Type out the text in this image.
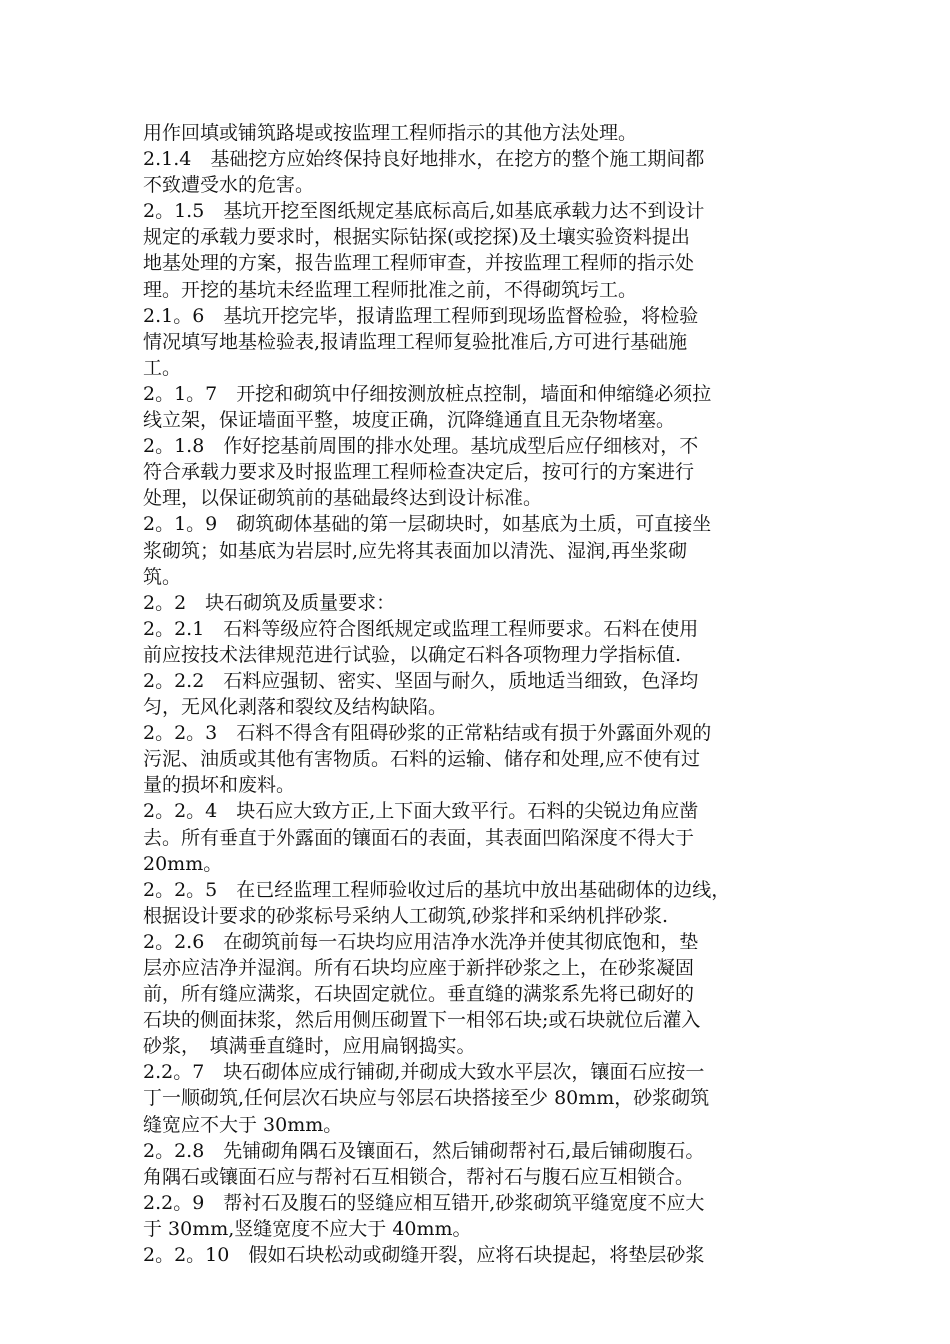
用作回填或铺筑路堤或按监理工程师指示的其他方法处理。
2.1.4　基础挖方应始终保持良好地排水，在挖方的整个施工期间都
不致遭受水的危害。
2。1.5　基坑开挖至图纸规定基底标高后,如基底承载力达不到设计
规定的承载力要求时，根据实际钻探(或挖探)及土壤实验资料提出
地基处理的方案，报告监理工程师审查，并按监理工程师的指示处
理。开挖的基坑未经监理工程师批准之前，不得砌筑圬工。
2.1。6　基坑开挖完毕，报请监理工程师到现场监督检验，将检验
情况填写地基检验表,报请监理工程师复验批准后,方可进行基础施
工。
2。1。7　开挖和砌筑中仔细按测放桩点控制，墙面和伸缩缝必须拉
线立架，保证墙面平整，坡度正确，沉降缝通直且无杂物堵塞。
2。1.8　作好挖基前周围的排水处理。基坑成型后应仔细核对，不
符合承载力要求及时报监理工程师检查决定后，按可行的方案进行
处理，以保证砌筑前的基础最终达到设计标准。
2。1。9　砌筑砌体基础的第一层砌块时，如基底为土质，可直接坐
浆砌筑；如基底为岩层时,应先将其表面加以清洗、湿润,再坐浆砌
筑。
2。2　块石砌筑及质量要求：
2。2.1　石料等级应符合图纸规定或监理工程师要求。石料在使用
前应按技术法律规范进行试验，以确定石料各项物理力学指标值.
2。2.2　石料应强韧、密实、坚固与耐久，质地适当细致，色泽均
匀，无风化剥落和裂纹及结构缺陷。
2。2。3　石料不得含有阻碍砂浆的正常粘结或有损于外露面外观的
污泥、油质或其他有害物质。石料的运输、储存和处理,应不使有过
量的损坏和废料。
2。2。4　块石应大致方正,上下面大致平行。石料的尖锐边角应凿
去。所有垂直于外露面的镶面石的表面，其表面凹陷深度不得大于
20mm。
2。2。5　在已经监理工程师验收过后的基坑中放出基础砌体的边线，
根据设计要求的砂浆标号采纳人工砌筑,砂浆拌和采纳机拌砂浆.
2。2.6　在砌筑前每一石块均应用洁净水洗净并使其彻底饱和，垫
层亦应洁净并湿润。所有石块均应座于新拌砂浆之上，在砂浆凝固
前，所有缝应满浆，石块固定就位。垂直缝的满浆系先将已砌好的
石块的侧面抹浆，然后用侧压砌置下一相邻石块;或石块就位后灌入
砂浆，　填满垂直缝时，应用扁钢捣实。
2.2。7　块石砌体应成行铺砌,并砌成大致水平层次，镶面石应按一
丁一顺砌筑,任何层次石块应与邻层石块搭接至少 80mm，砂浆砌筑
缝宽应不大于 30mm。
2。2.8　先铺砌角隅石及镶面石，然后铺砌帮衬石,最后铺砌腹石。
角隅石或镶面石应与帮衬石互相锁合，帮衬石与腹石应互相锁合。
2.2。9　帮衬石及腹石的竖缝应相互错开,砂浆砌筑平缝宽度不应大
于 30mm,竖缝宽度不应大于 40mm。
2。2。10　假如石块松动或砌缝开裂，应将石块提起，将垫层砂浆
